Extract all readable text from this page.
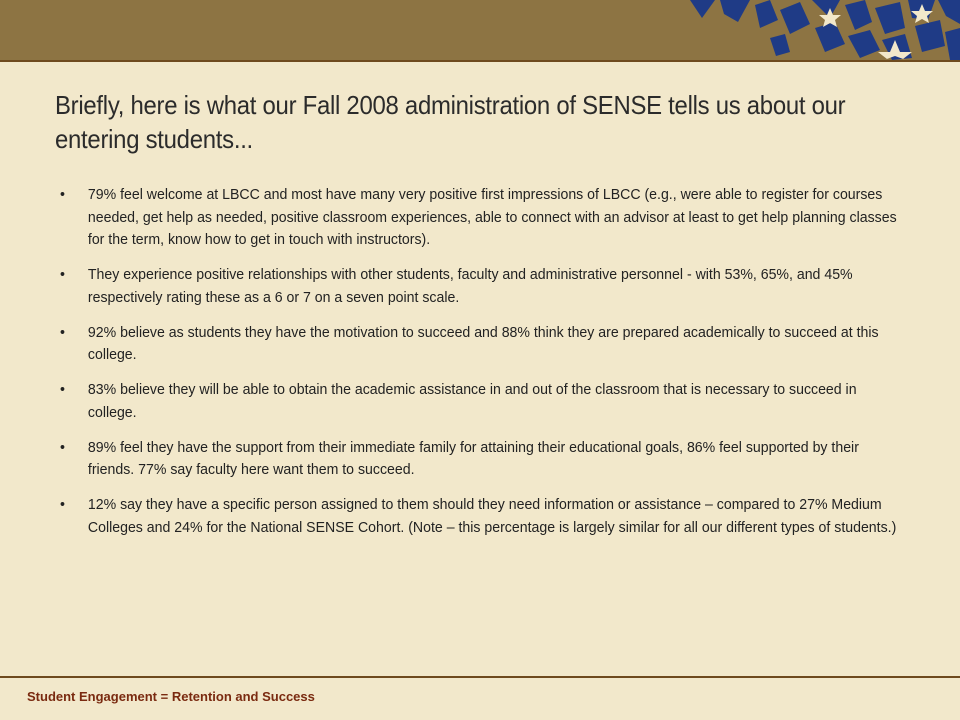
Briefly, here is what our Fall 2008 administration of SENSE tells us about our entering students...
• 79% feel welcome at LBCC and most have many very positive first impressions of LBCC (e.g., were able to register for courses needed, get help as needed, positive classroom experiences, able to connect with an advisor at least to get help planning classes for the term, know how to get in touch with instructors).
• They experience positive relationships with other students, faculty and administrative personnel - with 53%, 65%, and 45% respectively rating these as a 6 or 7 on a seven point scale.
• 92% believe as students they have the motivation to succeed and 88% think they are prepared academically to succeed at this college.
• 83% believe they will be able to obtain the academic assistance in and out of the classroom that is necessary to succeed in college.
• 89% feel they have the support from their immediate family for attaining their educational goals, 86% feel supported by their friends. 77% say faculty here want them to succeed.
• 12% say they have a specific person assigned to them should they need information or assistance – compared to 27% Medium Colleges and 24% for the National SENSE Cohort. (Note – this percentage is largely similar for all our different types of students.)
Student Engagement = Retention and Success
